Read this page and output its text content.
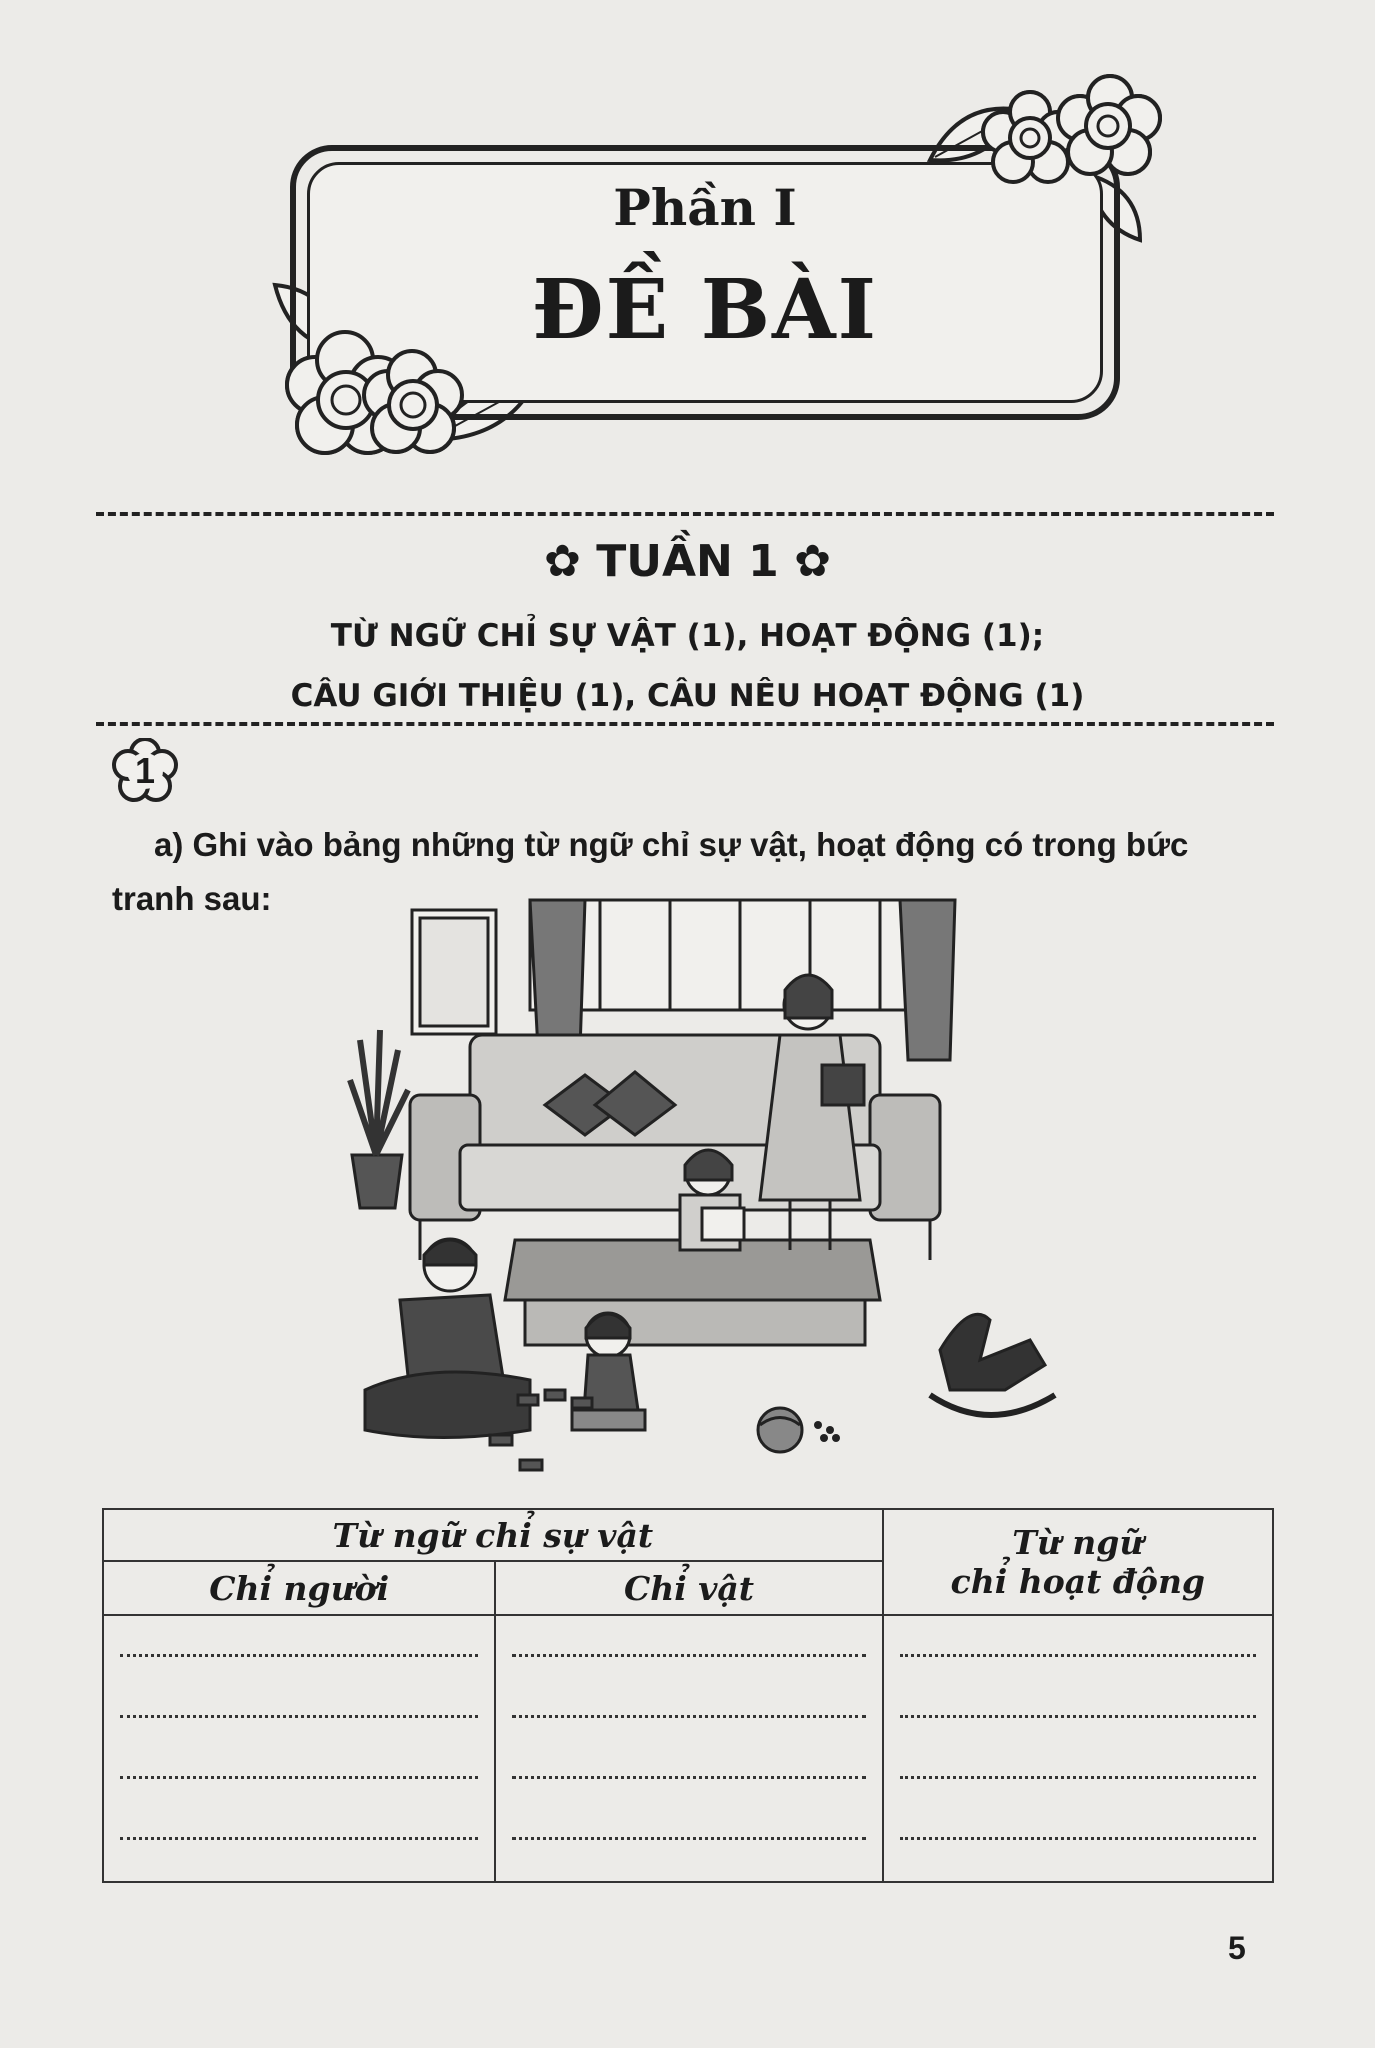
Phần I
ĐỀ BÀI
✿ TUẦN 1 ✿
TỪ NGỮ CHỈ SỰ VẬT (1), HOẠT ĐỘNG (1);
CÂU GIỚI THIỆU (1), CÂU NÊU HOẠT ĐỘNG (1)
1
a) Ghi vào bảng những từ ngữ chỉ sự vật, hoạt động có trong bức
tranh sau:
Từ ngữ chỉ sự vật		Từ ngữ
chỉ hoạt động
Chỉ người	Chỉ vật	

5
